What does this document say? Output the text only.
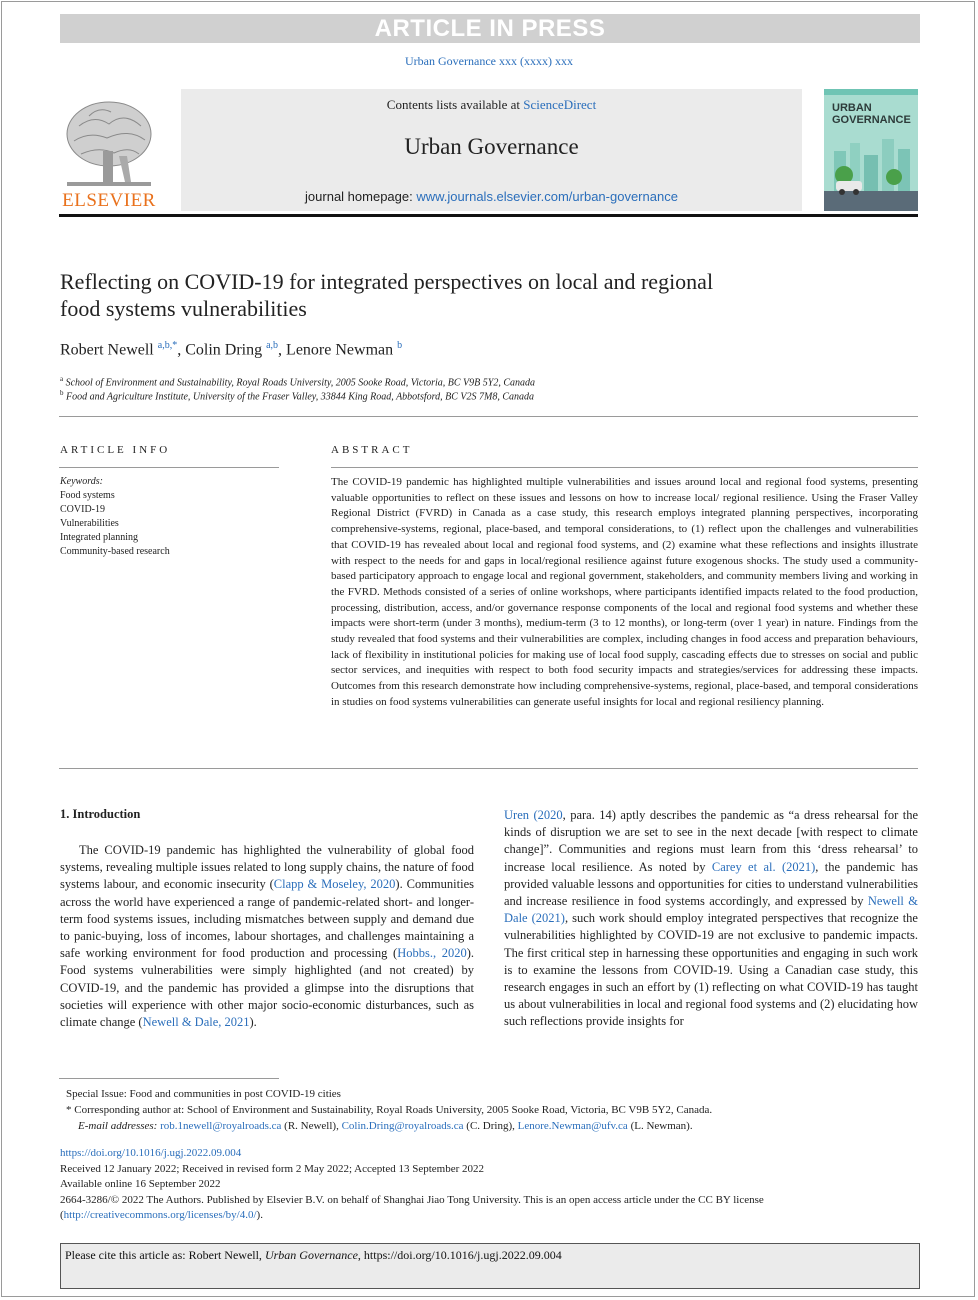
ARTICLE IN PRESS
Urban Governance xxx (xxxx) xxx
ELSEVIER
Contents lists available at ScienceDirect
Urban Governance
journal homepage: www.journals.elsevier.com/urban-governance
URBAN
GOVERNANCE
Reflecting on COVID-19 for integrated perspectives on local and regional
food systems vulnerabilities
Robert Newell $^{a,b,*}$, Colin Dring $^{a,b}$, Lenore Newman $^b$
$^a$ School of Environment and Sustainability, Royal Roads University, 2005 Sooke Road, Victoria, BC V9B 5Y2, Canada
$^b$ Food and Agriculture Institute, University of the Fraser Valley, 33844 King Road, Abbotsford, BC V2S 7M8, Canada
ARTICLE INFO	ABSTRACT
Keywords:
Food systems
COVID-19
Vulnerabilities
Integrated planning
Community-based research
The COVID-19 pandemic has highlighted multiple vulnerabilities and issues around local and regional food systems, presenting valuable opportunities to reflect on these issues and lessons on how to increase local/ regional resilience. Using the Fraser Valley Regional District (FVRD) in Canada as a case study, this research employs integrated planning perspectives, incorporating comprehensive-systems, regional, place-based, and temporal considerations, to (1) reflect upon the challenges and vulnerabilities that COVID-19 has revealed about local and regional food systems, and (2) examine what these reflections and insights illustrate with respect to the needs for and gaps in local/regional resilience against future exogenous shocks. The study used a community-based participatory approach to engage local and regional government, stakeholders, and community members living and working in the FVRD. Methods consisted of a series of online workshops, where participants identified impacts related to the food production, processing, distribution, access, and/or governance response components of the local and regional food systems and whether these impacts were short-term (under 3 months), medium-term (3 to 12 months), or long-term (over 1 year) in nature. Findings from the study revealed that food systems and their vulnerabilities are complex, including changes in food access and preparation behaviours, lack of flexibility in institutional policies for making use of local food supply, cascading effects due to stresses on social and public sector services, and inequities with respect to both food security impacts and strategies/services for addressing these impacts. Outcomes from this research demonstrate how including comprehensive-systems, regional, place-based, and temporal considerations in studies on food systems vulnerabilities can generate useful insights for local and regional resiliency planning.
1. Introduction
The COVID-19 pandemic has highlighted the vulnerability of global food systems, revealing multiple issues related to long supply chains, the nature of food systems labour, and economic insecurity (Clapp & Moseley, 2020). Communities across the world have experienced a range of pandemic-related short- and longer-term food systems issues, including mismatches between supply and demand due to panic-buying, loss of incomes, labour shortages, and challenges maintaining a safe working environment for food production and processing (Hobbs., 2020). Food systems vulnerabilities were simply highlighted (and not created) by COVID-19, and the pandemic has provided a glimpse into the disruptions that societies will experience with other major socio-economic disturbances, such as climate change (Newell & Dale, 2021).
Uren (2020, para. 14) aptly describes the pandemic as “a dress rehearsal for the kinds of disruption we are set to see in the next decade [with respect to climate change]”. Communities and regions must learn from this ‘dress rehearsal’ to increase local resilience. As noted by Carey et al. (2021), the pandemic has provided valuable lessons and opportunities for cities to understand vulnerabilities and increase resilience in food systems accordingly, and expressed by Newell & Dale (2021), such work should employ integrated perspectives that recognize the vulnerabilities highlighted by COVID-19 are not exclusive to pandemic impacts. The first critical step in harnessing these opportunities and engaging in such work is to examine the lessons from COVID-19. Using a Canadian case study, this research engages in such an effort by (1) reflecting on what COVID-19 has taught us about vulnerabilities in local and regional food systems and (2) elucidating how such reflections provide insights for
Special Issue: Food and communities in post COVID-19 cities
* Corresponding author at: School of Environment and Sustainability, Royal Roads University, 2005 Sooke Road, Victoria, BC V9B 5Y2, Canada.
E-mail addresses: rob.1newell@royalroads.ca (R. Newell), Colin.Dring@royalroads.ca (C. Dring), Lenore.Newman@ufv.ca (L. Newman).
https://doi.org/10.1016/j.ugj.2022.09.004
Received 12 January 2022; Received in revised form 2 May 2022; Accepted 13 September 2022
Available online 16 September 2022
2664-3286/© 2022 The Authors. Published by Elsevier B.V. on behalf of Shanghai Jiao Tong University. This is an open access article under the CC BY license
(http://creativecommons.org/licenses/by/4.0/).
Please cite this article as: Robert Newell, Urban Governance, https://doi.org/10.1016/j.ugj.2022.09.004
